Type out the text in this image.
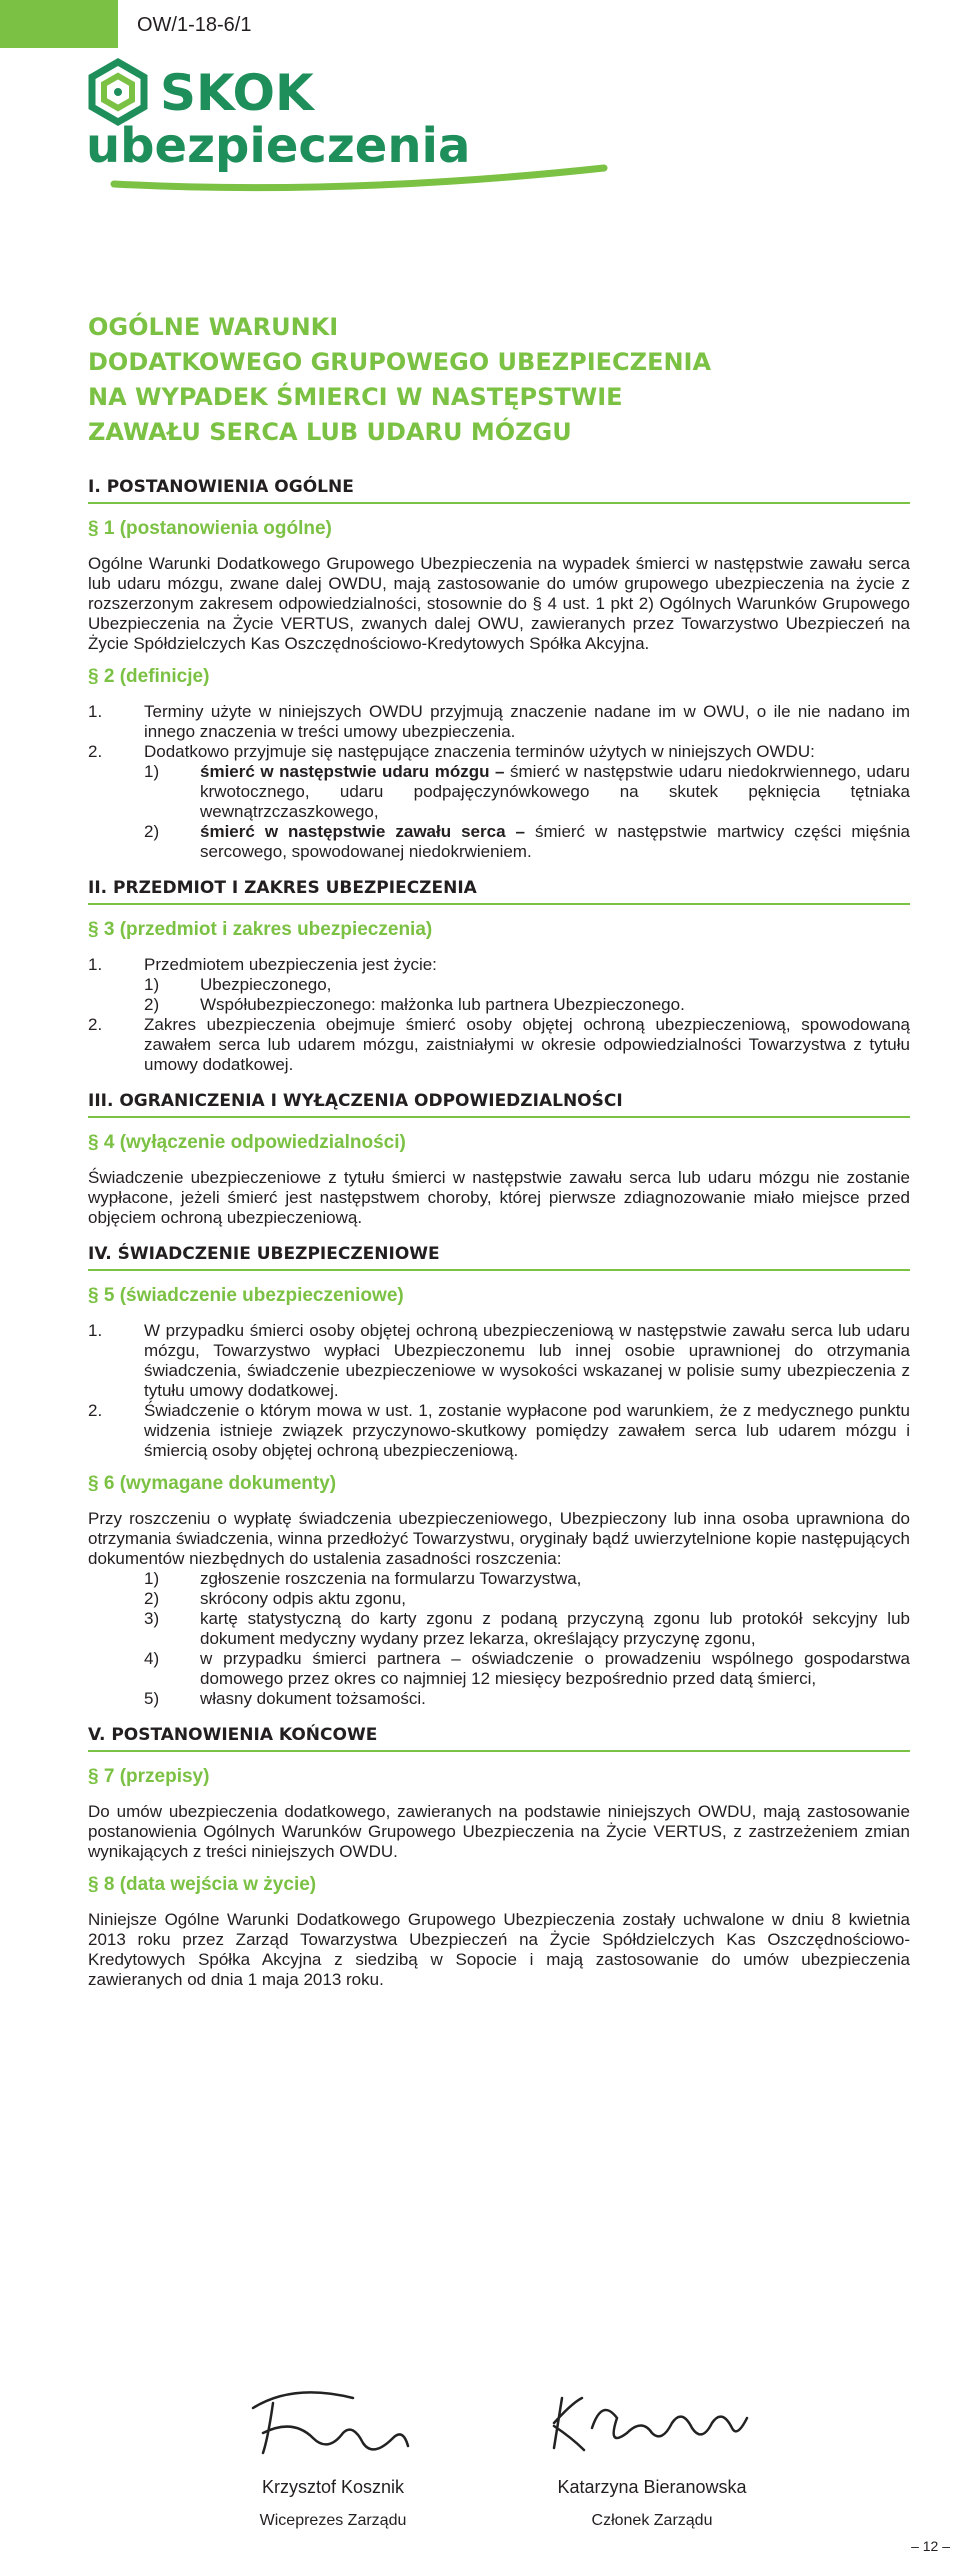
OW/1-18-6/1
SKOK
ubezpieczenia
OGÓLNE WARUNKI
DODATKOWEGO GRUPOWEGO UBEZPIECZENIA
NA WYPADEK ŚMIERCI W NASTĘPSTWIE
ZAWAŁU SERCA LUB UDARU MÓZGU
I. POSTANOWIENIA OGÓLNE
§ 1 (postanowienia ogólne)

Ogólne Warunki Dodatkowego Grupowego Ubezpieczenia na wypadek śmierci w następstwie zawału serca lub udaru mózgu, zwane dalej OWDU, mają zastosowanie do umów grupowego ubezpieczenia na życie z rozszerzonym zakresem odpowiedzialności, stosownie do § 4 ust. 1 pkt 2) Ogólnych Warunków Grupowego Ubezpieczenia na Życie VERTUS, zwanych dalej OWU, zawieranych przez Towarzystwo Ubezpieczeń na Życie Spółdzielczych Kas Oszczędnościowo-Kredytowych Spółka Akcyjna.

§ 2 (definicje)
1. Terminy użyte w niniejszych OWDU przyjmują znaczenie nadane im w OWU, o ile nie nadano im innego znaczenia w treści umowy ubezpieczenia.
2. Dodatkowo przyjmuje się następujące znaczenia terminów użytych w niniejszych OWDU:
1) śmierć w następstwie udaru mózgu – śmierć w następstwie udaru niedokrwiennego, udaru krwotocznego, udaru podpajęczynówkowego na skutek pęknięcia tętniaka wewnątrzczaszkowego,
2) śmierć w następstwie zawału serca – śmierć w następstwie martwicy części mięśnia sercowego, spowodowanej niedokrwieniem.
II. PRZEDMIOT I ZAKRES UBEZPIECZENIA
§ 3 (przedmiot i zakres ubezpieczenia)
1. Przedmiotem ubezpieczenia jest życie:
1) Ubezpieczonego,
2) Współubezpieczonego: małżonka lub partnera Ubezpieczonego.
2. Zakres ubezpieczenia obejmuje śmierć osoby objętej ochroną ubezpieczeniową, spowodowaną zawałem serca lub udarem mózgu, zaistniałymi w okresie odpowiedzialności Towarzystwa z tytułu umowy dodatkowej.
III. OGRANICZENIA I WYŁĄCZENIA ODPOWIEDZIALNOŚCI
§ 4 (wyłączenie odpowiedzialności)

Świadczenie ubezpieczeniowe z tytułu śmierci w następstwie zawału serca lub udaru mózgu nie zostanie wypłacone, jeżeli śmierć jest następstwem choroby, której pierwsze zdiagnozowanie miało miejsce przed objęciem ochroną ubezpieczeniową.

IV. ŚWIADCZENIE UBEZPIECZENIOWE
§ 5 (świadczenie ubezpieczeniowe)
1. W przypadku śmierci osoby objętej ochroną ubezpieczeniową w następstwie zawału serca lub udaru mózgu, Towarzystwo wypłaci Ubezpieczonemu lub innej osobie uprawnionej do otrzymania świadczenia, świadczenie ubezpieczeniowe w wysokości wskazanej w polisie sumy ubezpieczenia z tytułu umowy dodatkowej.
2. Świadczenie o którym mowa w ust. 1, zostanie wypłacone pod warunkiem, że z medycznego punktu widzenia istnieje związek przyczynowo-skutkowy pomiędzy zawałem serca lub udarem mózgu i śmiercią osoby objętej ochroną ubezpieczeniową.
§ 6 (wymagane dokumenty)

Przy roszczeniu o wypłatę świadczenia ubezpieczeniowego, Ubezpieczony lub inna osoba uprawniona do otrzymania świadczenia, winna przedłożyć Towarzystwu, oryginały bądź uwierzytelnione kopie następujących dokumentów niezbędnych do ustalenia zasadności roszczenia:

1) zgłoszenie roszczenia na formularzu Towarzystwa,
2) skrócony odpis aktu zgonu,
3) kartę statystyczną do karty zgonu z podaną przyczyną zgonu lub protokół sekcyjny lub dokument medyczny wydany przez lekarza, określający przyczynę zgonu,
4) w przypadku śmierci partnera – oświadczenie o prowadzeniu wspólnego gospodarstwa domowego przez okres co najmniej 12 miesięcy bezpośrednio przed datą śmierci,
5) własny dokument tożsamości.
V. POSTANOWIENIA KOŃCOWE
§ 7 (przepisy)

Do umów ubezpieczenia dodatkowego, zawieranych na podstawie niniejszych OWDU, mają zastosowanie postanowienia Ogólnych Warunków Grupowego Ubezpieczenia na Życie VERTUS, z zastrzeżeniem zmian wynikających z treści niniejszych OWDU.

§ 8 (data wejścia w życie)

Niniejsze Ogólne Warunki Dodatkowego Grupowego Ubezpieczenia zostały uchwalone w dniu 8 kwietnia 2013 roku przez Zarząd Towarzystwa Ubezpieczeń na Życie Spółdzielczych Kas Oszczędnościowo-Kredytowych Spółka Akcyjna z siedzibą w Sopocie i mają zastosowanie do umów ubezpieczenia zawieranych od dnia 1 maja 2013 roku.

Krzysztof Kosznik
Wiceprezes Zarządu
Katarzyna Bieranowska
Członek Zarządu
– 12 –
